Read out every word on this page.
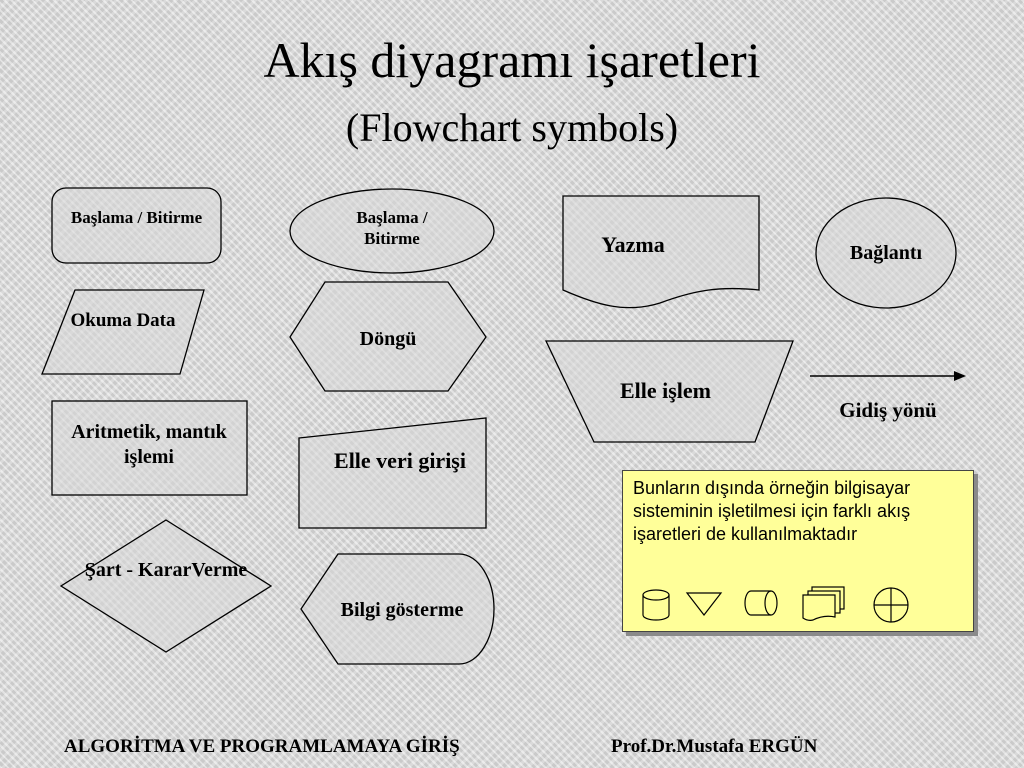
Akış diyagramı işaretleri
(Flowchart symbols)
Başlama / Bitirme	Başlama / Bitirme	Yazma	Bağlantı
Okuma Data
Döngü
Elle işlem
Gidiş yönü
Aritmetik, mantık işlemi	Elle veri girişi
Şart - KararVerme
Bilgi gösterme
Bunların dışında örneğin bilgisayar sisteminin işletilmesi için farklı akış işaretleri de kullanılmaktadır
ALGORİTMA VE PROGRAMLAMAYA GİRİŞ	Prof.Dr.Mustafa ERGÜN
